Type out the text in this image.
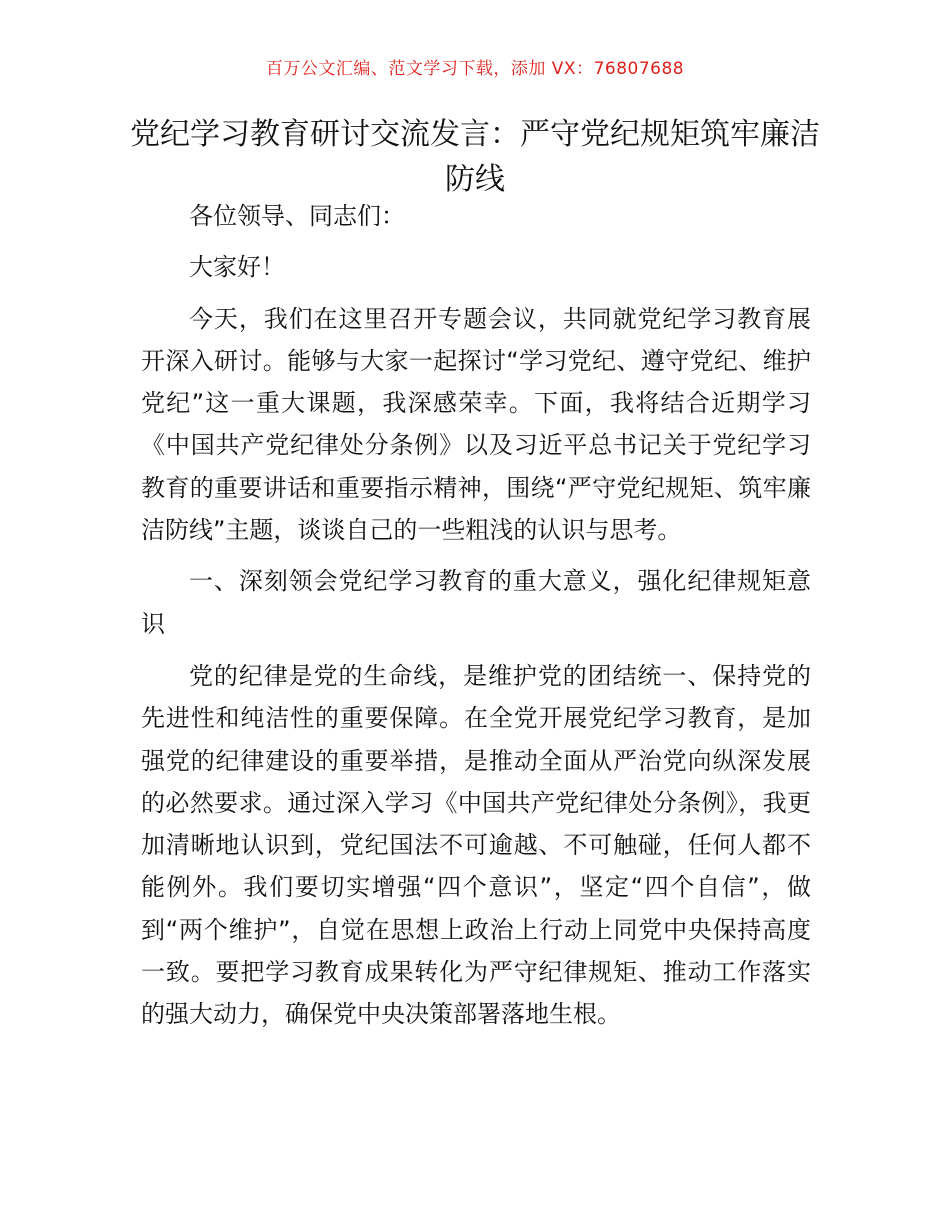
百万公文汇编、范文学习下载，添加 VX：76807688
党纪学习教育研讨交流发言：严守党纪规矩筑牢廉洁防线

各位领导、同志们：

大家好！

今天，我们在这里召开专题会议，共同就党纪学习教育展开深入研讨。能够与大家一起探讨“学习党纪、遵守党纪、维护党纪”这一重大课题，我深感荣幸。下面，我将结合近期学习《中国共产党纪律处分条例》以及习近平总书记关于党纪学习教育的重要讲话和重要指示精神，围绕“严守党纪规矩、筑牢廉洁防线”主题，谈谈自己的一些粗浅的认识与思考。

一、深刻领会党纪学习教育的重大意义，强化纪律规矩意识

党的纪律是党的生命线，是维护党的团结统一、保持党的先进性和纯洁性的重要保障。在全党开展党纪学习教育，是加强党的纪律建设的重要举措，是推动全面从严治党向纵深发展的必然要求。通过深入学习《中国共产党纪律处分条例》，我更加清晰地认识到，党纪国法不可逾越、不可触碰，任何人都不能例外。我们要切实增强“四个意识”，坚定“四个自信”，做到“两个维护”，自觉在思想上政治上行动上同党中央保持高度一致。要把学习教育成果转化为严守纪律规矩、推动工作落实的强大动力，确保党中央决策部署落地生根。
